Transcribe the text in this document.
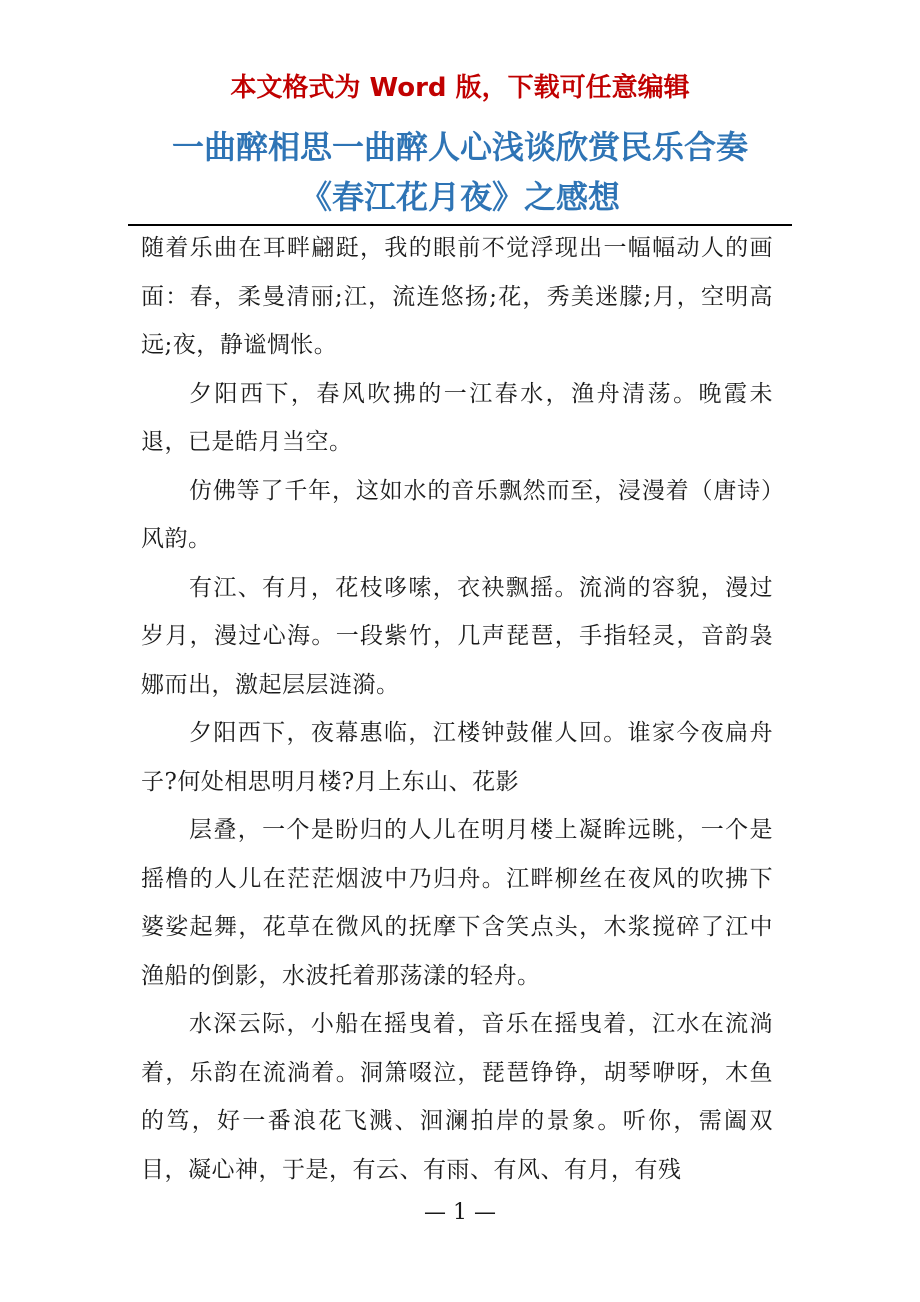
本文格式为 Word 版，下载可任意编辑
一曲醉相思一曲醉人心浅谈欣赏民乐合奏
《春江花月夜》之感想

随着乐曲在耳畔翩跹，我的眼前不觉浮现出一幅幅动人的画面：春，柔曼清丽;江，流连悠扬;花，秀美迷朦;月，空明高远;夜，静谧惆怅。

夕阳西下，春风吹拂的一江春水，渔舟清荡。晚霞未退，已是皓月当空。

仿佛等了千年，这如水的音乐飘然而至，浸漫着（唐诗）风韵。

有江、有月，花枝哆嗦，衣袂飘摇。流淌的容貌，漫过岁月，漫过心海。一段紫竹，几声琵琶，手指轻灵，音韵袅娜而出，激起层层涟漪。

夕阳西下，夜幕惠临，江楼钟鼓催人回。谁家今夜扁舟子?何处相思明月楼?月上东山、花影

层叠，一个是盼归的人儿在明月楼上凝眸远眺，一个是摇橹的人儿在茫茫烟波中乃归舟。江畔柳丝在夜风的吹拂下婆娑起舞，花草在微风的抚摩下含笑点头，木浆搅碎了江中渔船的倒影，水波托着那荡漾的轻舟。

水深云际，小船在摇曳着，音乐在摇曳着，江水在流淌着，乐韵在流淌着。洞箫啜泣，琵琶铮铮，胡琴咿呀，木鱼的笃，好一番浪花飞溅、洄澜拍岸的景象。听你，需阖双目，凝心神，于是，有云、有雨、有风、有月，有残

— 1 —
